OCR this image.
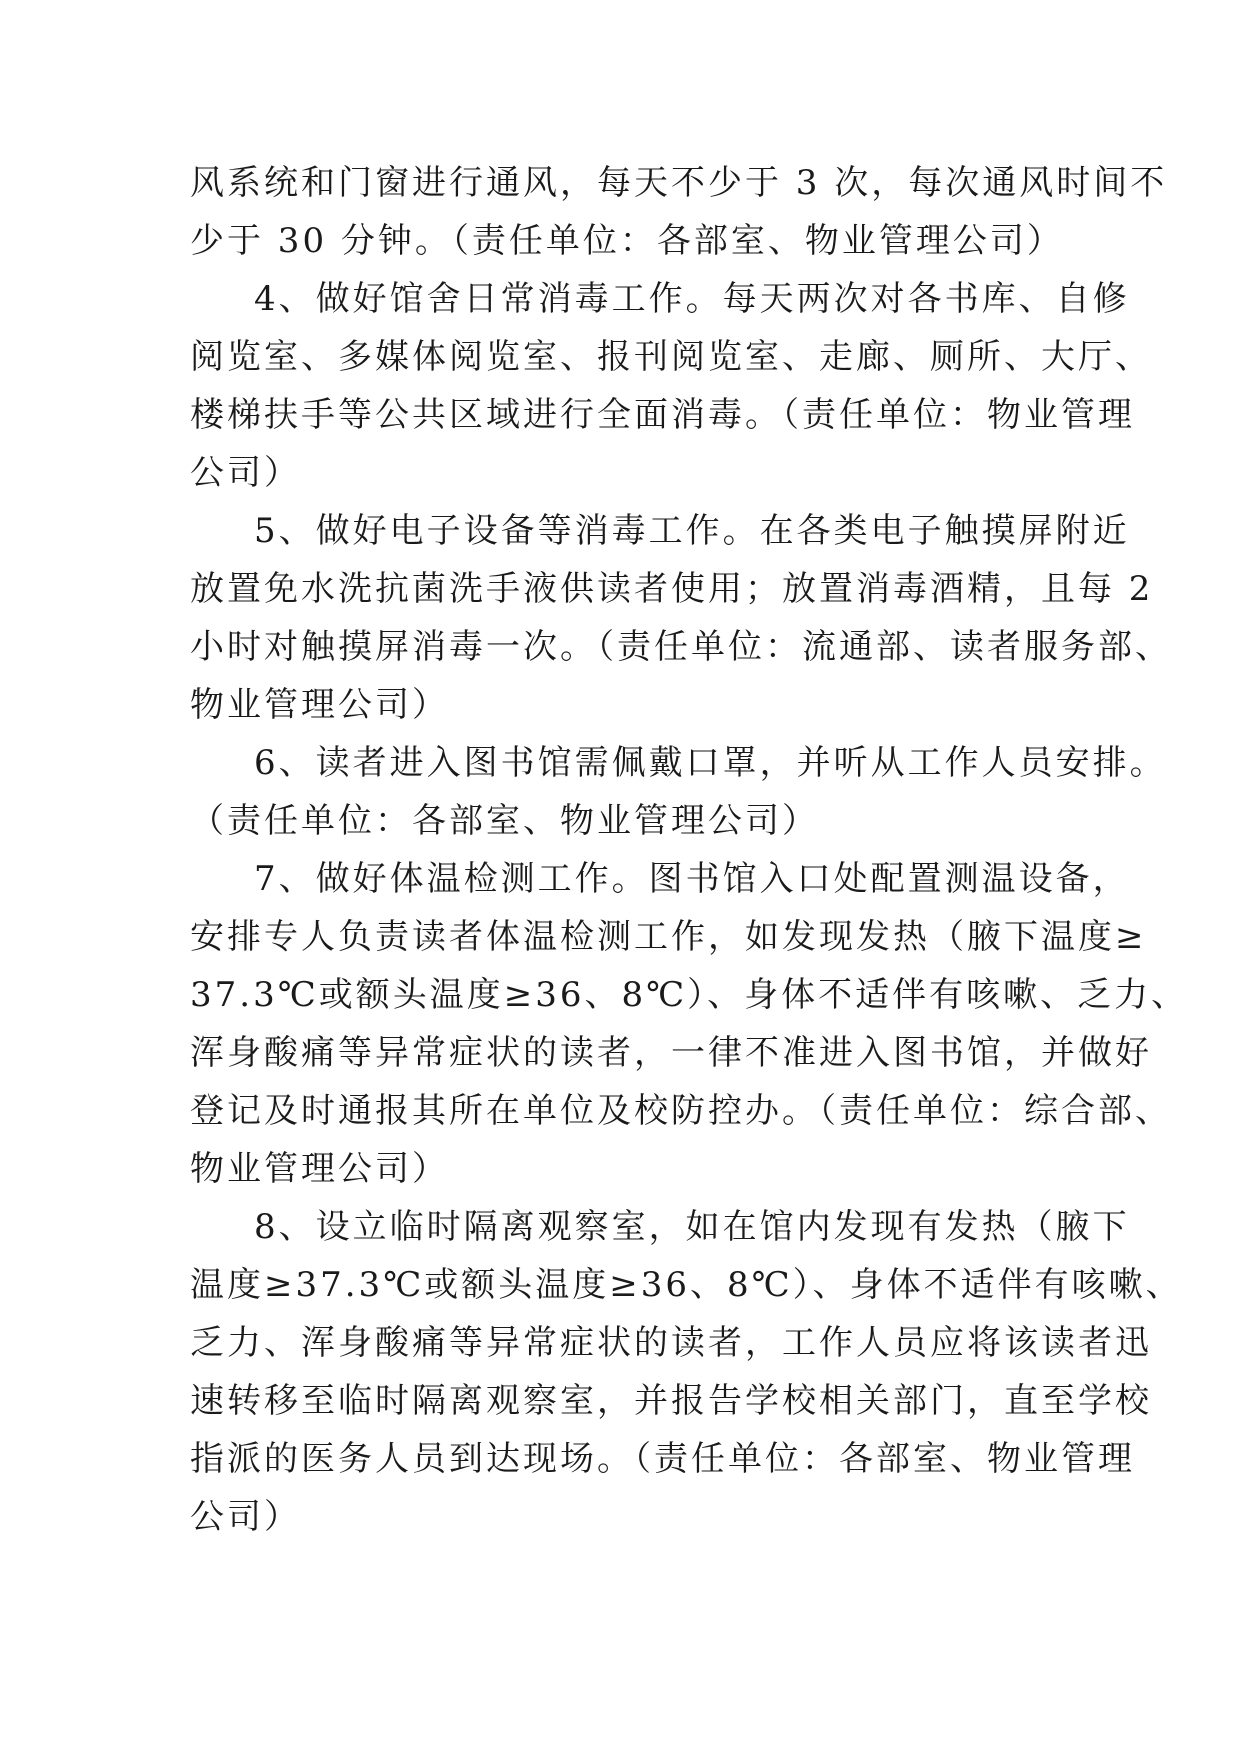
风系统和门窗进行通风，每天不少于 3 次，每次通风时间不
少于 30 分钟。（责任单位：各部室、物业管理公司）
4、做好馆舍日常消毒工作。每天两次对各书库、自修
阅览室、多媒体阅览室、报刊阅览室、走廊、厕所、大厅、
楼梯扶手等公共区域进行全面消毒。（责任单位：物业管理
公司）
5、做好电子设备等消毒工作。在各类电子触摸屏附近
放置免水洗抗菌洗手液供读者使用；放置消毒酒精，且每 2
小时对触摸屏消毒一次。（责任单位：流通部、读者服务部、
物业管理公司）
6、读者进入图书馆需佩戴口罩，并听从工作人员安排。
（责任单位：各部室、物业管理公司）
7、做好体温检测工作。图书馆入口处配置测温设备，
安排专人负责读者体温检测工作，如发现发热（腋下温度≥
37.3℃或额头温度≥36、8℃）、身体不适伴有咳嗽、乏力、
浑身酸痛等异常症状的读者，一律不准进入图书馆，并做好
登记及时通报其所在单位及校防控办。（责任单位：综合部、
物业管理公司）
8、设立临时隔离观察室，如在馆内发现有发热（腋下
温度≥37.3℃或额头温度≥36、8℃）、身体不适伴有咳嗽、
乏力、浑身酸痛等异常症状的读者，工作人员应将该读者迅
速转移至临时隔离观察室，并报告学校相关部门，直至学校
指派的医务人员到达现场。（责任单位：各部室、物业管理
公司）
